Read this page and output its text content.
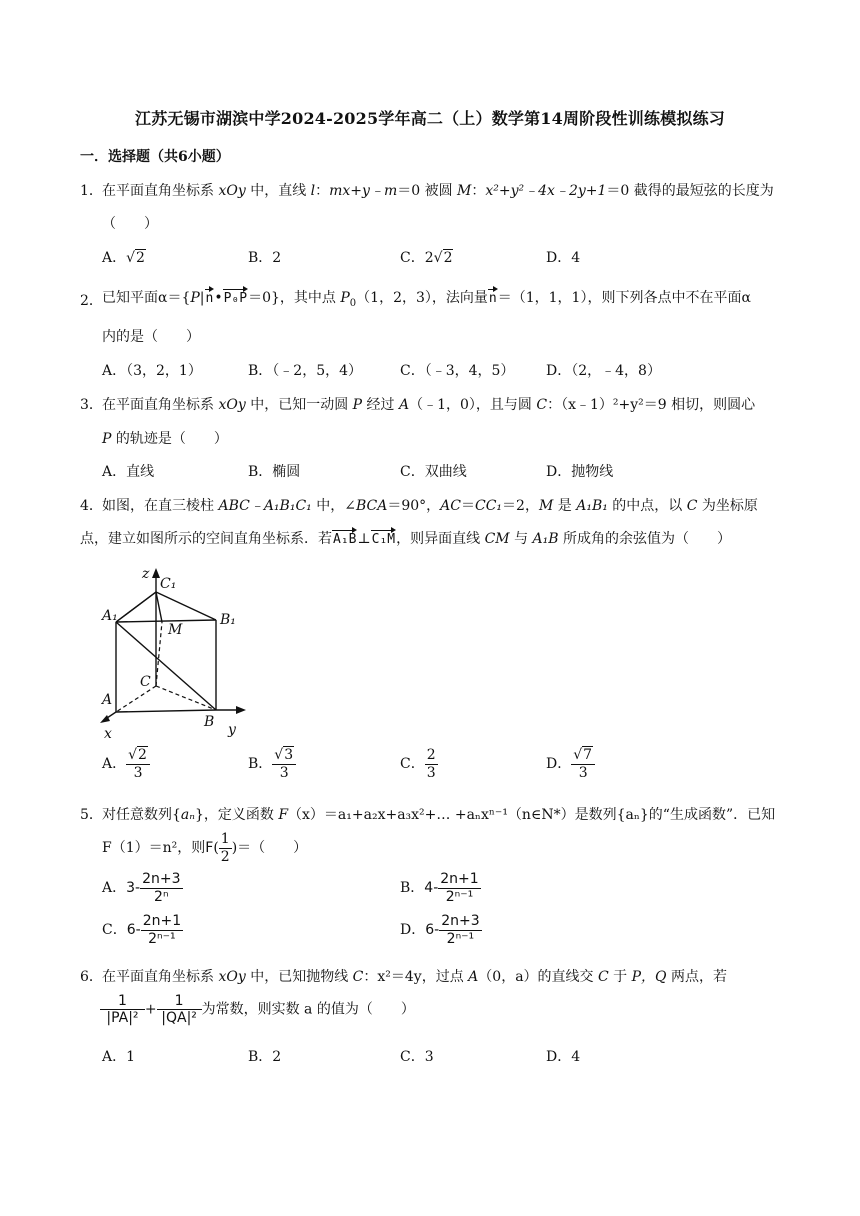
江苏无锡市湖滨中学2024-2025学年高二（上）数学第14周阶段性训练模拟练习
一．选择题（共6小题）
1． 在平面直角坐标系 xOy 中，直线 l：mx+y﹣m＝0 被圆 M：x²+y²﹣4x﹣2y+1＝0 截得的最短弦的长度为
（　　）
A．√2	B．2	C．2√2	D．4
2． 已知平面α＝{P|n•P₀P＝0}，其中点 $P_0(1$，2，3），法向量n＝（1，1，1），则下列各点中不在平面α
内的是（　　）
A．（3，2，1）	B．（﹣2，5，4）	C．（﹣3，4，5） D．（2，﹣4，8）
3． 在平面直角坐标系 xOy 中，已知一动圆 P 经过 A（﹣1，0），且与圆 C：（x﹣1）²+y²＝9 相切，则圆心
P 的轨迹是（　　）
A．直线	B．椭圆	C．双曲线	D．抛物线
4． 如图，在直三棱柱 ABC﹣A₁B₁C₁ 中，∠BCA＝90°，AC＝CC₁＝2，M 是 A₁B₁ 的中点，以 C 为坐标原
点，建立如图所示的空间直角坐标系．若A₁B⊥C₁M，则异面直线 CM 与 A₁B 所成角的余弦值为（　　）
z
C₁
A₁
M
B₁
C
A
x
B y
A． $\frac{√2}{3}$	B． $\frac{√3}{3}$	C． $\frac{2}{3}$	D． $\frac{√7}{3}$
5． 对任意数列{aₙ}，定义函数 F（x）＝a₁+a₂x+a₃x²+… +aₙxⁿ⁻¹（n∈N*）是数列{aₙ}的“生成函数”．已知
F（1）＝n²，则$F( \frac{1}{2}$ )＝（　　）
A．$3- \frac{2n+3}{\text{2ⁿ}}$	B．$4- \frac{2n+1}{\text{2ⁿ⁻¹}}$
C．$6- \frac{2n+1}{\text{2ⁿ⁻¹}}$	D．$6- \frac{2n+3}{\text{2ⁿ⁻¹}}$
6． 在平面直角坐标系 xOy 中，已知抛物线 C：x²＝4y，过点 A（0，a）的直线交 C 于 P，Q 两点，若
$\frac{1}{\text{|PA|²}} + \frac{1}{\text{|QA|²}}$ 为常数，则实数 a 的值为（　　）
A．1	B．2	C．3	D．4
